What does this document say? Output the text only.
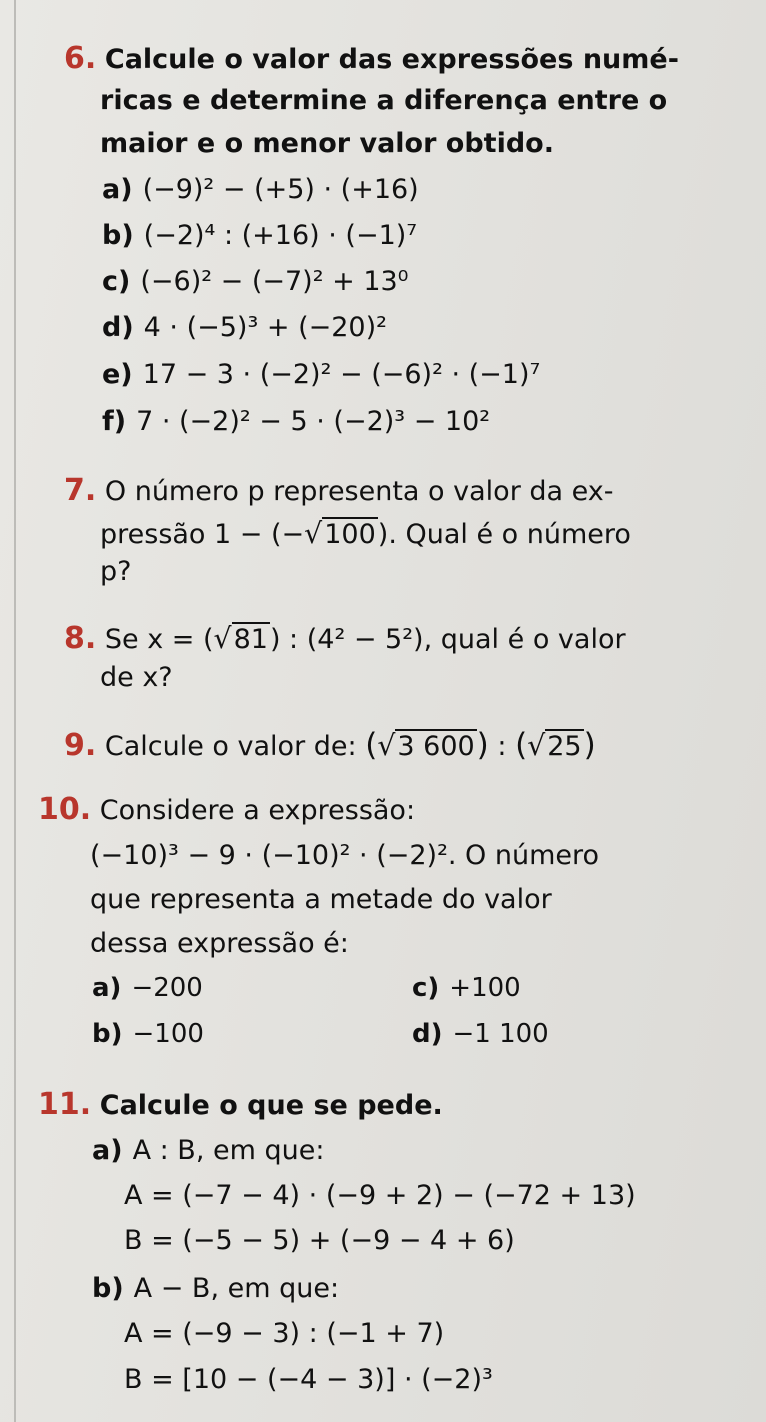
6. Calcule o valor das expressões numé-
ricas e determine a diferença entre o
maior e o menor valor obtido.
a) (−9)² − (+5) · (+16)
b) (−2)⁴ : (+16) · (−1)⁷
c) (−6)² − (−7)² + 13⁰
d) 4 · (−5)³ + (−20)²
e) 17 − 3 · (−2)² − (−6)² · (−1)⁷
f) 7 · (−2)² − 5 · (−2)³ − 10²
7. O número p representa o valor da ex-
pressão 1 − (−√100). Qual é o número
p?
8. Se x = (√81) : (4² − 5²), qual é o valor
de x?
9. Calcule o valor de: (√3 600) : (√25)
10. Considere a expressão:
(−10)³ − 9 · (−10)² · (−2)². O número
que representa a metade do valor
dessa expressão é:
a) −200	c) +100
b) −100	d) −1 100
11. Calcule o que se pede.
a) A : B, em que:
A = (−7 − 4) · (−9 + 2) − (−72 + 13)
B = (−5 − 5) + (−9 − 4 + 6)
b) A − B, em que:
A = (−9 − 3) : (−1 + 7)
B = [10 − (−4 − 3)] · (−2)³
